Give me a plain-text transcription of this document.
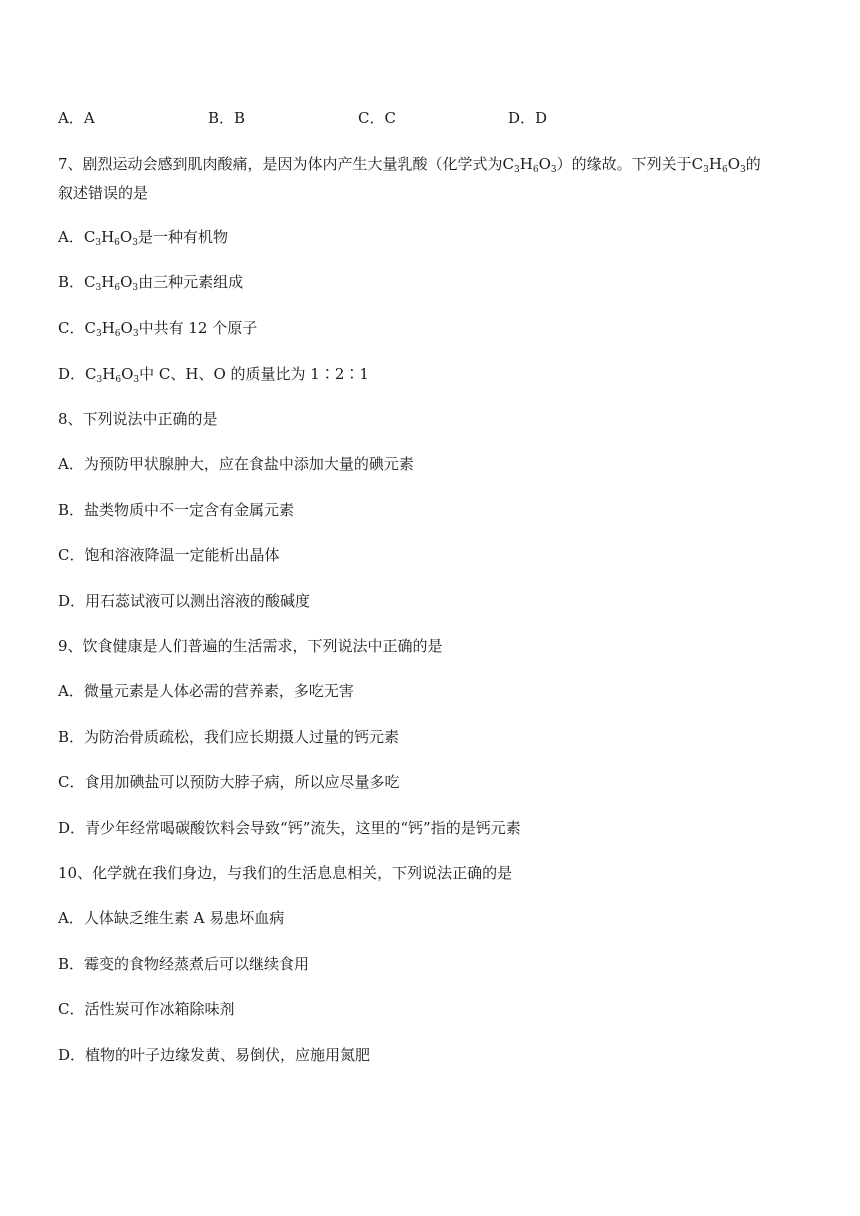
A．A	B．B	C．C	D．D
7、剧烈运动会感到肌肉酸痛，是因为体内产生大量乳酸（化学式为$C_3H_6O_3$）的缘故。下列关于$C_3H_6O_3$的
叙述错误的是
A．$C_3H_6O_3$是一种有机物
B．$C_3H_6O_3$由三种元素组成
C．$C_3H_6O_3$中共有 12 个原子
D．$C_3H_6O_3$中 C、H、O 的质量比为 1∶2∶1
8、下列说法中正确的是
A．为预防甲状腺肿大，应在食盐中添加大量的碘元素
B．盐类物质中不一定含有金属元素
C．饱和溶液降温一定能析出晶体
D．用石蕊试液可以测出溶液的酸碱度
9、饮食健康是人们普遍的生活需求，下列说法中正确的是
A．微量元素是人体必需的营养素，多吃无害
B．为防治骨质疏松，我们应长期摄人过量的钙元素
C．食用加碘盐可以预防大脖子病，所以应尽量多吃
D．青少年经常喝碳酸饮料会导致“钙”流失，这里的“钙”指的是钙元素
10、化学就在我们身边，与我们的生活息息相关，下列说法正确的是
A．人体缺乏维生素 A 易患坏血病
B．霉变的食物经蒸煮后可以继续食用
C．活性炭可作冰箱除味剂
D．植物的叶子边缘发黄、易倒伏，应施用氮肥
